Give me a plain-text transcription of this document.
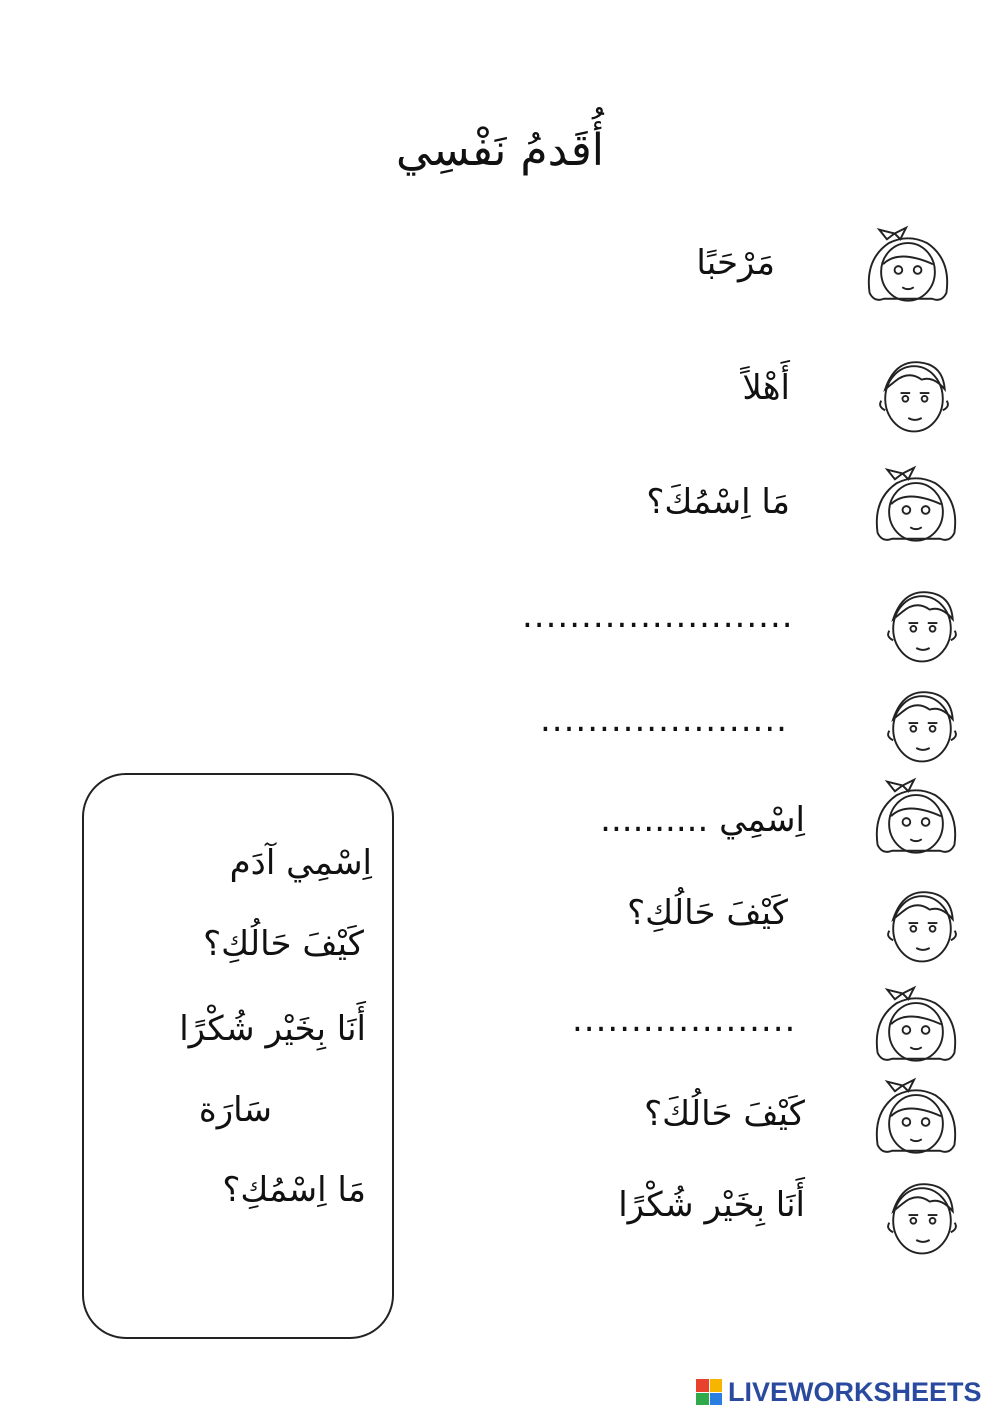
أُقَدمُ نَفْسِي
مَرْحَبًا
أَهْلاً
مَا اِسْمُكَ؟
.......................
.....................
اِسْمِي ..........
كَيْفَ حَالُكِ؟
...................
كَيْفَ حَالُكَ؟
أَنَا بِخَيْر شُكْرًا
اِسْمِي آدَم
كَيْفَ حَالُكِ؟
أَنَا بِخَيْر شُكْرًا
سَارَة
مَا اِسْمُكِ؟
LIVEWORKSHEETS
